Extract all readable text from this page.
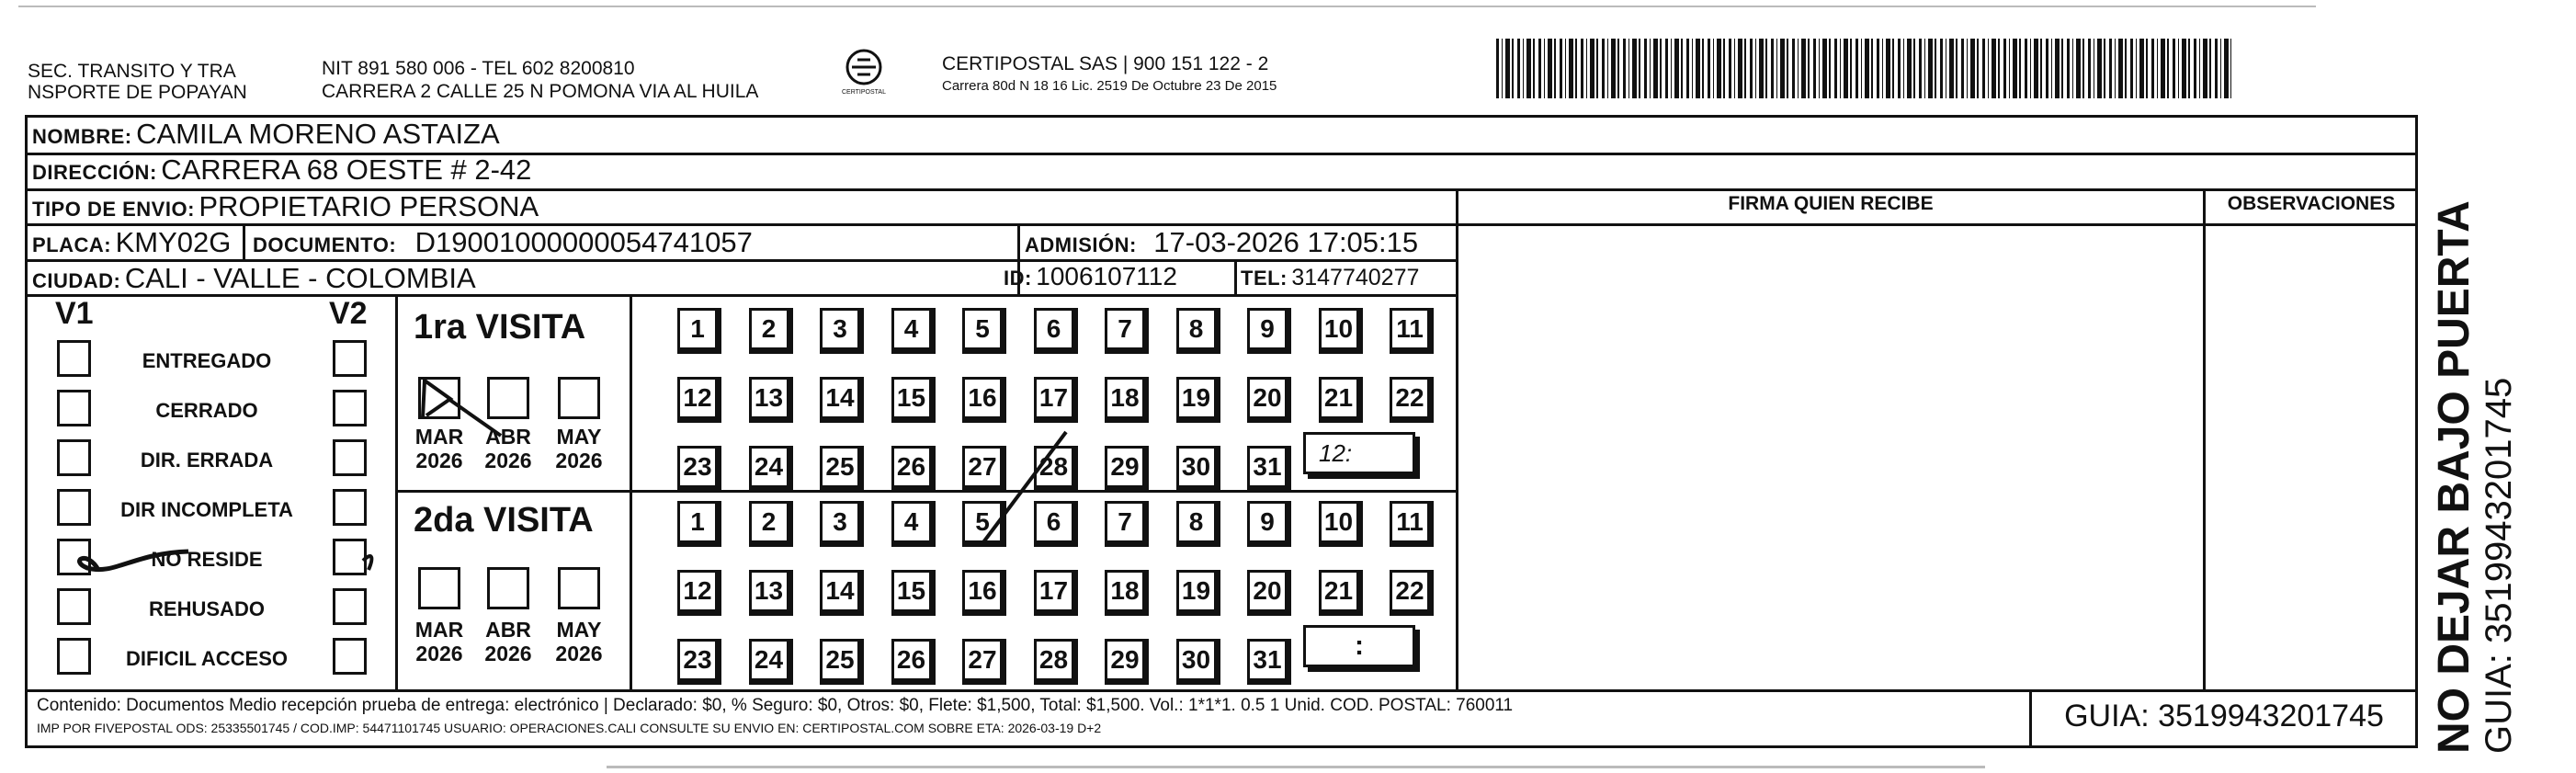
SEC. TRANSITO Y TRA
NSPORTE DE POPAYAN
NIT 891 580 006 - TEL 602 8200810
CARRERA 2 CALLE 25 N POMONA VIA AL HUILA	CERTIPOSTAL
CERTIPOSTAL SAS | 900 151 122 - 2
Carrera 80d N 18 16 Lic. 2519 De Octubre 23 De 2015
NOMBRE: CAMILA MORENO ASTAIZA
DIRECCIÓN: CARRERA 68 OESTE # 2-42
TIPO DE ENVIO: PROPIETARIO PERSONA	FIRMA QUIEN RECIBE	OBSERVACIONES
PLACA: KMY02G DOCUMENTO: D19001000000054741057	ADMISIÓN: 17-03-2026 17:05:15
CIUDAD: CALI - VALLE - COLOMBIA	ID: 1006107112	TEL: 3147740277
V1	V2
ENTREGADO
CERRADO
DIR. ERRADA
DIR INCOMPLETA
NO RESIDE
REHUSADO
DIFICIL ACCESO
1ra VISITA
2da VISITA
MAR
2026
ABR
2026
MAY
2026
MAR
2026
ABR
2026
MAY
2026
1	2	3	4	5	6	7	8	9	10 11
12 13 14 15 16 17 18 19 20 21 22
23 24 25 26 27 28 29 30 31
1	2	3	4	5	6	7	8	9	10 11
12 13 14 15 16 17 18 19 20 21 22
23 24 25 26 27 28 29 30 31
12:
:
Contenido: Documentos Medio recepción prueba de entrega: electrónico | Declarado: $0, % Seguro: $0, Otros: $0, Flete: $1,500, Total: $1,500. Vol.: 1*1*1. 0.5 1 Unid. COD. POSTAL: 760011
IMP POR FIVEPOSTAL ODS: 25335501745 / COD.IMP: 54471101745 USUARIO: OPERACIONES.CALI CONSULTE SU ENVIO EN: CERTIPOSTAL.COM SOBRE ETA: 2026-03-19 D+2	GUIA: 3519943201745	NO DEJAR BAJO PUERTA GUIA: 3519943201745
